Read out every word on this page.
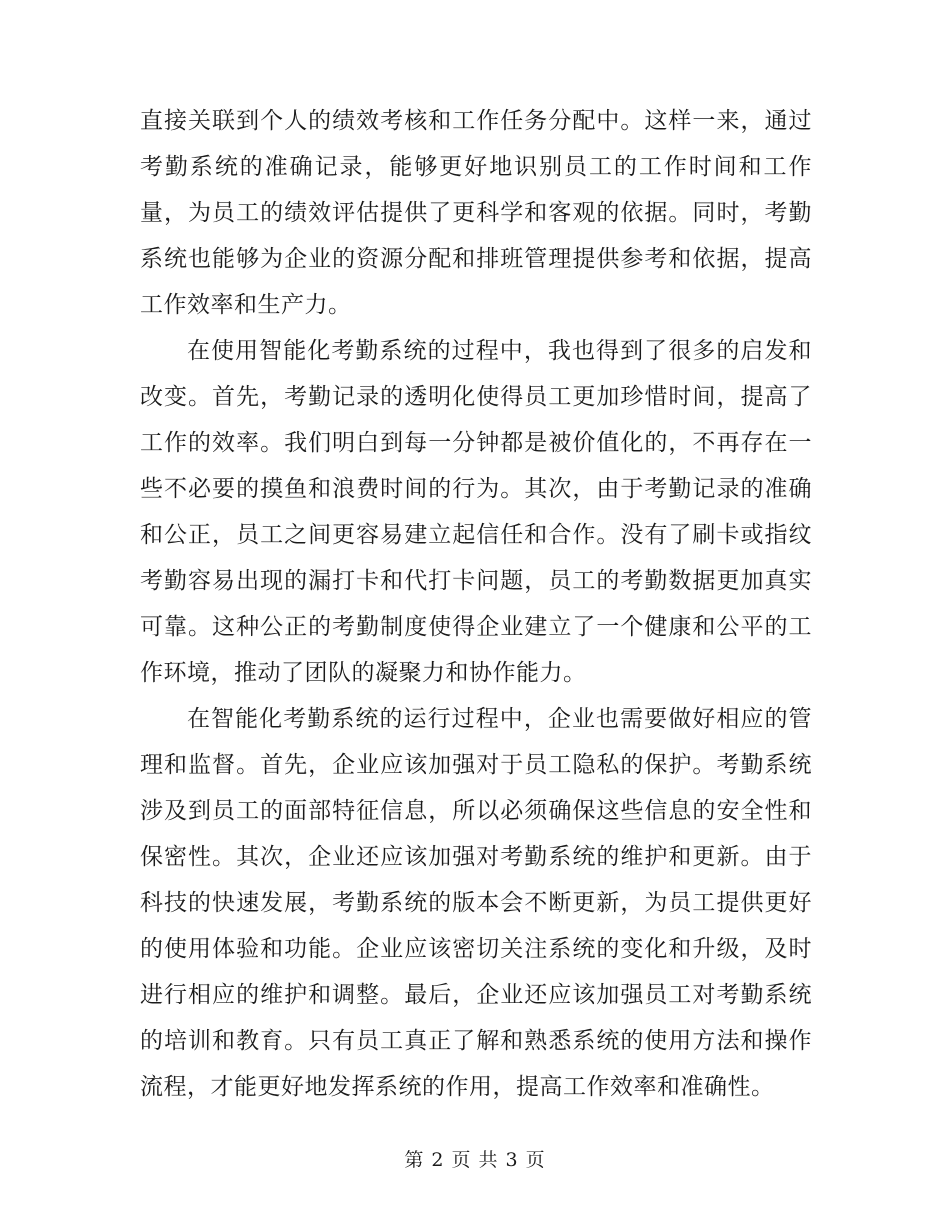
直接关联到个人的绩效考核和工作任务分配中。这样一来，通过考勤系统的准确记录，能够更好地识别员工的工作时间和工作量，为员工的绩效评估提供了更科学和客观的依据。同时，考勤系统也能够为企业的资源分配和排班管理提供参考和依据，提高工作效率和生产力。

在使用智能化考勤系统的过程中，我也得到了很多的启发和改变。首先，考勤记录的透明化使得员工更加珍惜时间，提高了工作的效率。我们明白到每一分钟都是被价值化的，不再存在一些不必要的摸鱼和浪费时间的行为。其次，由于考勤记录的准确和公正，员工之间更容易建立起信任和合作。没有了刷卡或指纹考勤容易出现的漏打卡和代打卡问题，员工的考勤数据更加真实可靠。这种公正的考勤制度使得企业建立了一个健康和公平的工作环境，推动了团队的凝聚力和协作能力。

在智能化考勤系统的运行过程中，企业也需要做好相应的管理和监督。首先，企业应该加强对于员工隐私的保护。考勤系统涉及到员工的面部特征信息，所以必须确保这些信息的安全性和保密性。其次，企业还应该加强对考勤系统的维护和更新。由于科技的快速发展，考勤系统的版本会不断更新，为员工提供更好的使用体验和功能。企业应该密切关注系统的变化和升级，及时进行相应的维护和调整。最后，企业还应该加强员工对考勤系统的培训和教育。只有员工真正了解和熟悉系统的使用方法和操作流程，才能更好地发挥系统的作用，提高工作效率和准确性。

第 2 页 共 3 页
